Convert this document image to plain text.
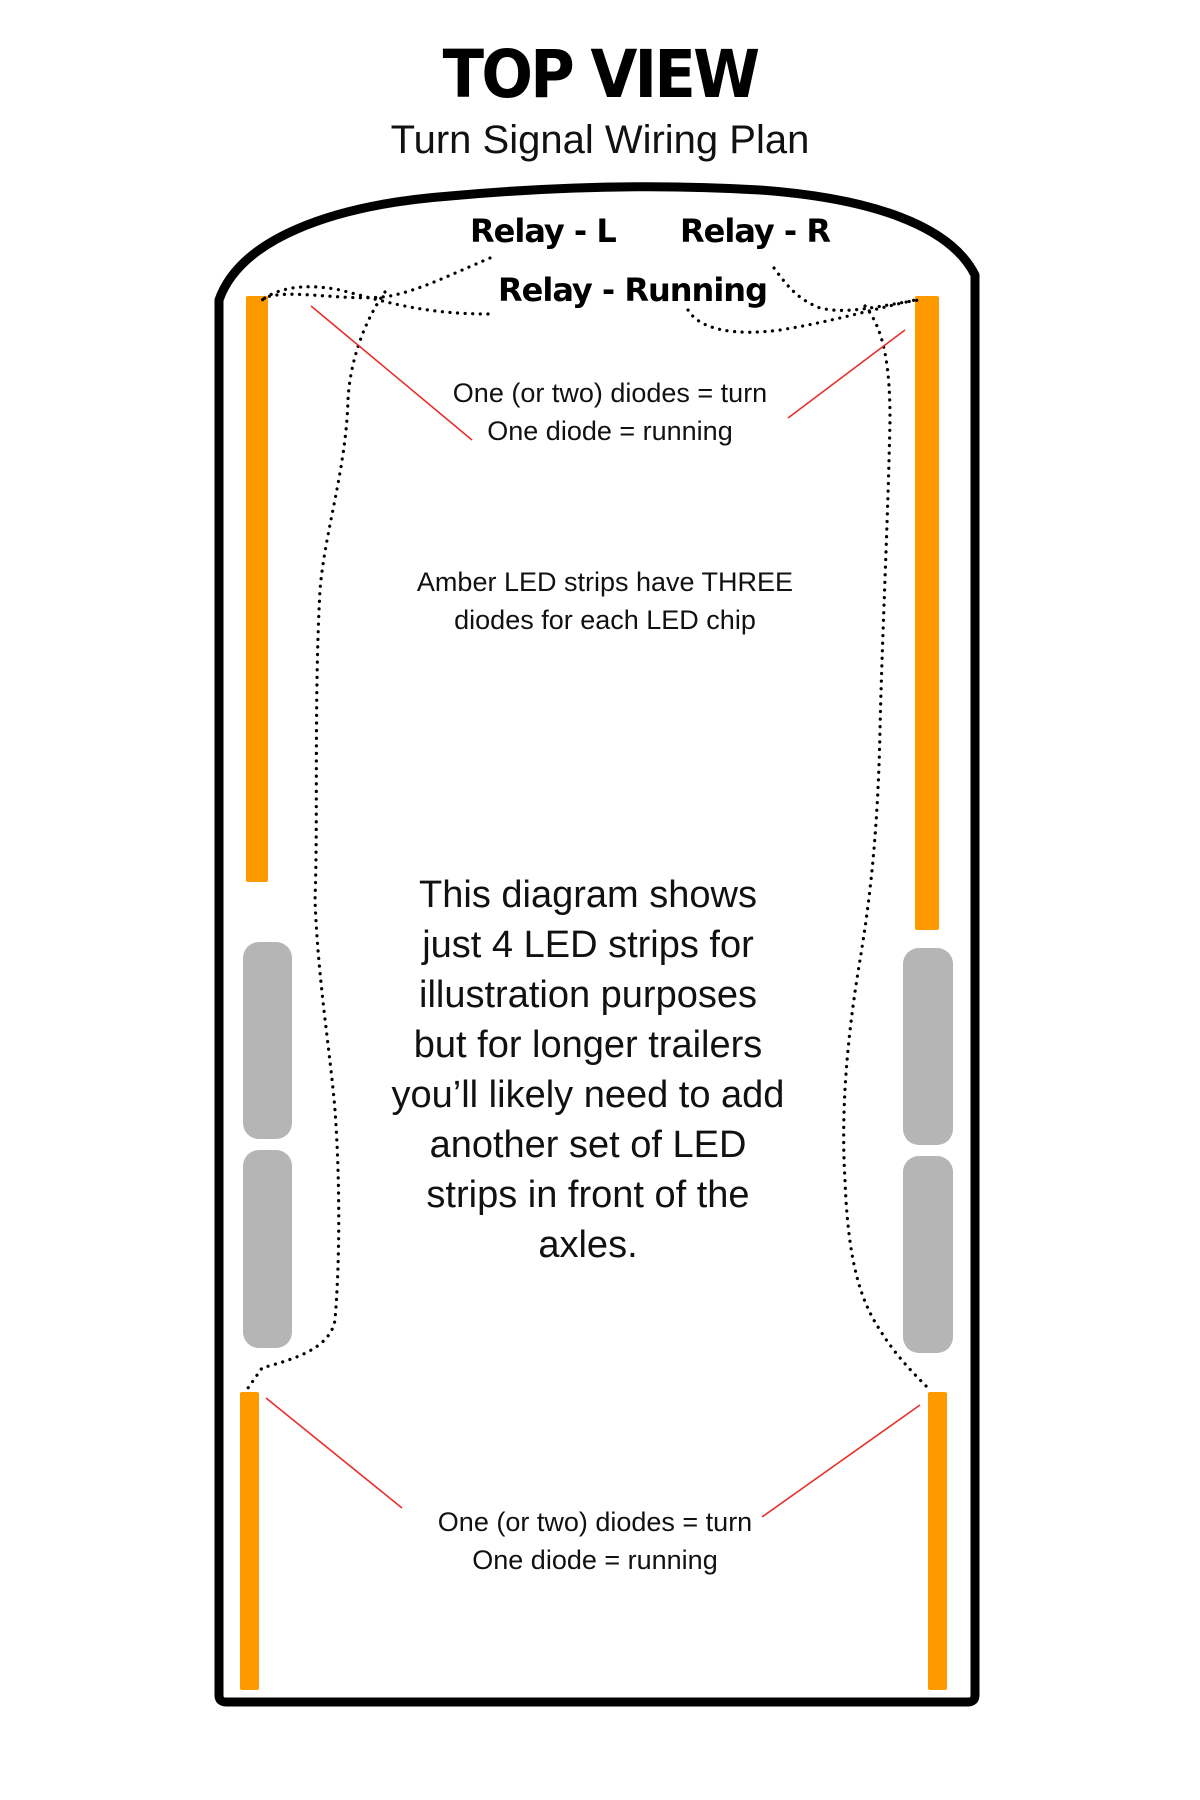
TOP VIEW
Turn Signal Wiring Plan
Relay - L Relay - R
Relay - Running
One (or two) diodes = turn
One diode = running
Amber LED strips have THREE
diodes for each LED chip
This diagram shows just 4 LED strips for illustration purposes but for longer trailers you’ll likely need to add another set of LED strips in front of the axles.
One (or two) diodes = turn
One diode = running
